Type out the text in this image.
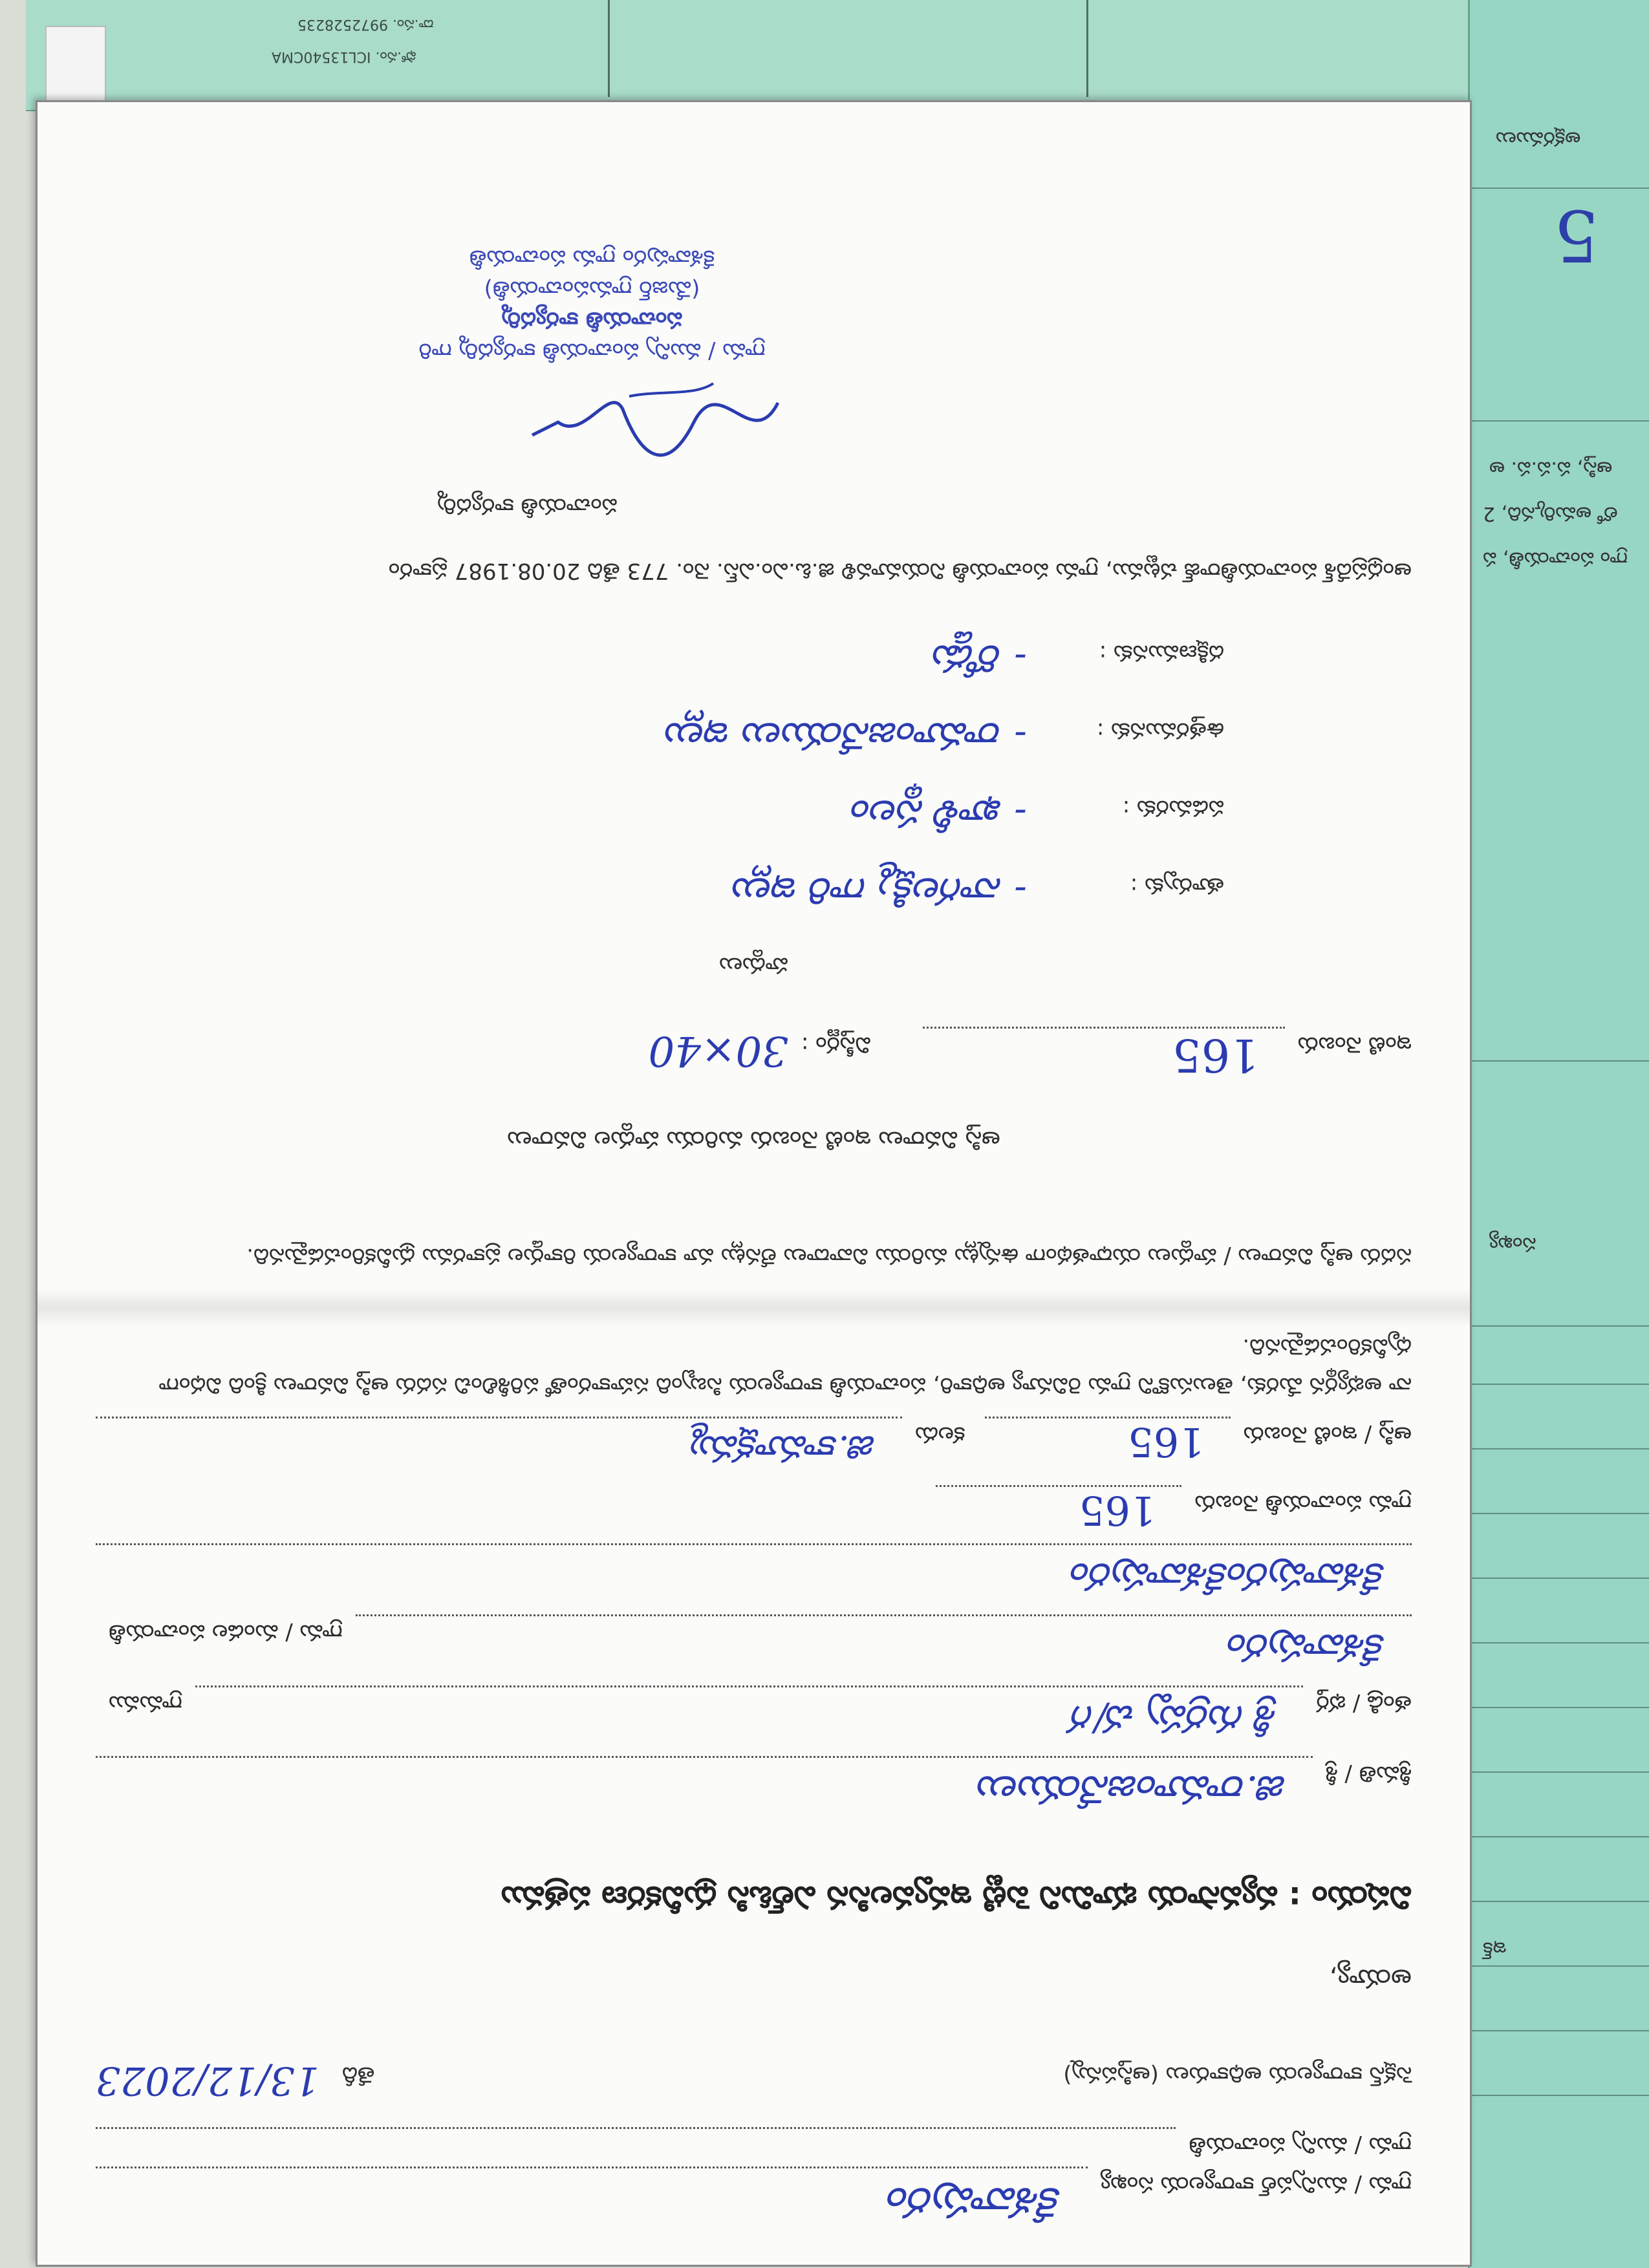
దా.సం. 9972528235
ఫో.నం. ICL13540CMA
అక్షరములు
5
ఆస్తి, ప.ప.ప. అ
లో అమర్కినది, 2
గ్రాం పంచాయతీ, ప
సంఖ్య
ఇక్
గ్రామ / మున్సిపల్ కార్యాలయ సంఖ్య
కేశవాపురం
గ్రామ / మున్సి పంచాయతీ
సెక్షన్ కార్యాలయ అధికారులు (ఆస్తిపన్ను)
తేదీ 13/12/2023
అయ్యా,
విషయం : వ్యవసాయ భూమిని పెట్టి ఇవ్వవలసిన ఎల్ఓసి ధ్రువీకరణ పత్రము
శ్రీమతి / శ్రీ
జి.రామాంజనేయులు
తండ్రి / భర్త
శ్రీ గుర్రప్ప చ/గ
గ్రామము
కేశవాపురం
గ్రామ / మండల పంచాయతీ
కేశవాపురంకేశవాపురం
గ్రామ పంచాయతీ నెంబరు
165
ఆస్తి / ఇంటి నెంబరు
165
కలదు
జి.కామాక్షమ్మ
నా అభ్యర్థన మేరకు, తెలుసుకొని గ్రామ రెవిన్యూ అధికారి, పంచాయతీ కార్యాలయ సిబ్బంది సహకారంతో పరిశీలించి సదరు ఆస్తి వివరాలు క్రింది విధంగా ధృవీకరించడమైనది.
సదరు ఆస్తి వివరాలు / హద్దులు యధాతథంగా ఉన్నట్లు మరియు వివాదాలు లేనట్లు మా కార్యాలయ రికార్డుల ప్రకారము ధ్రువీకరించడమైనది.
ఆస్తి వివరాలు ఇంటి నెంబరు మరియు హద్దుల వివరాలు
ఇంటి నెంబరు
165
విస్తీర్ణం :
30×40
హద్దులు
తూర్పుకు : - నాగలక్ష్మి గారి ఇల్లు
పడమరకు : - ఖాళీ స్థలం
ఉత్తరమునకు : - రామాంజనేయులు ఇల్లు
దక్షిణమునకు : - రోడ్డు
ఆంధ్రప్రదేశ్ పంచాయతీరాజ్ చట్టము, గ్రామ పంచాయతీ నియమావళి జి.ఓ.ఎం.ఎస్. నెం. 773 తేది 20.08.1987 ప్రకారం
పంచాయతీ కార్యదర్శి
గ్రామ / మున్సి పంచాయతీ కార్యదర్శి గారి
పంచాయతీ కార్యదర్శి
(మేజర్ గ్రామపంచాయతీ)
కేశవాపురం గ్రామ పంచాయతీ
